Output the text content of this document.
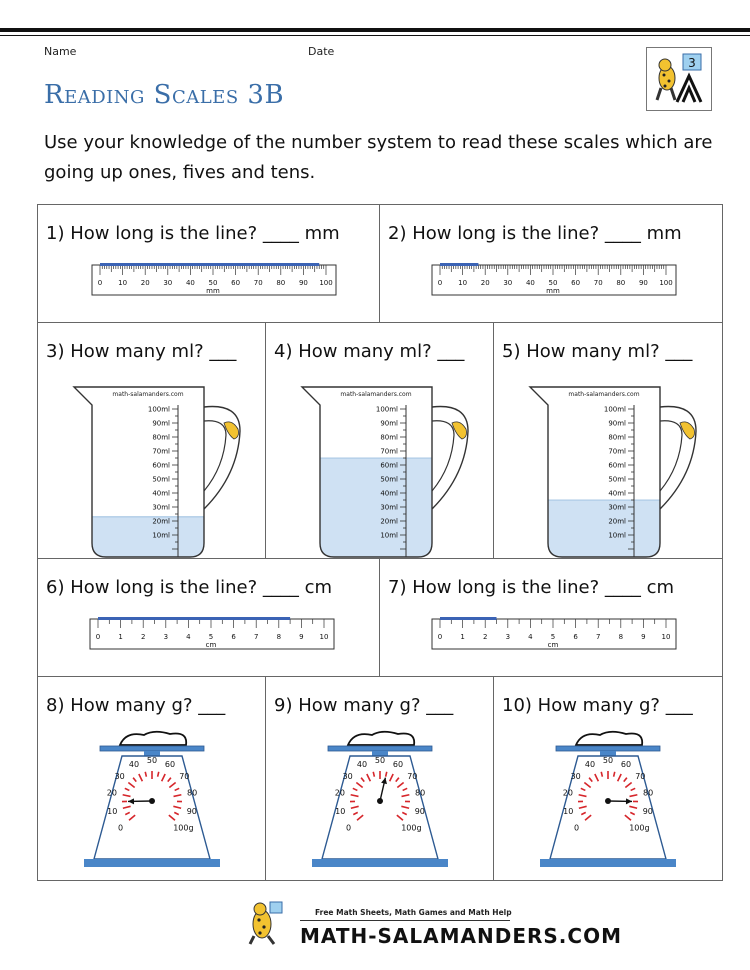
Name	Date
3
Reading Scales 3B
Use your knowledge of the number system to read these scales which are going up ones, fives and tens.
1) How long is the line? ____ mm
0 10 20 30 40 50 60 70 80 90 100
mm
2) How long is the line? ____ mm
0 10 20 30 40 50 60 70 80 90 100
mm
3) How many ml? ___
math-salamanders.com
100ml
90ml
80ml
70ml
60ml
50ml
40ml
30ml
20ml
10ml
4) How many ml? ___
math-salamanders.com
100ml
90ml
80ml
70ml
60ml
50ml
40ml
30ml
20ml
10ml
5) How many ml? ___
math-salamanders.com
100ml
90ml
80ml
70ml
60ml
50ml
40ml
30ml
20ml
10ml
6) How long is the line? ____ cm
0	1	2	3	4	5	6	7	8	9 10
cm
7) How long is the line? ____ cm
0	1	2	3	4	5	6	7	8	9 10
cm
8) How many g? ___
0
10
20
30
40 50 60
70
80
90
100g
9) How many g? ___
0
10
20
30
40 50 60
70
80
90
100g
10) How many g? ___
0
10
20
30
40 50 60
70
80
90
100g
Free Math Sheets, Math Games and Math Help
MATH-SALAMANDERS.COM
